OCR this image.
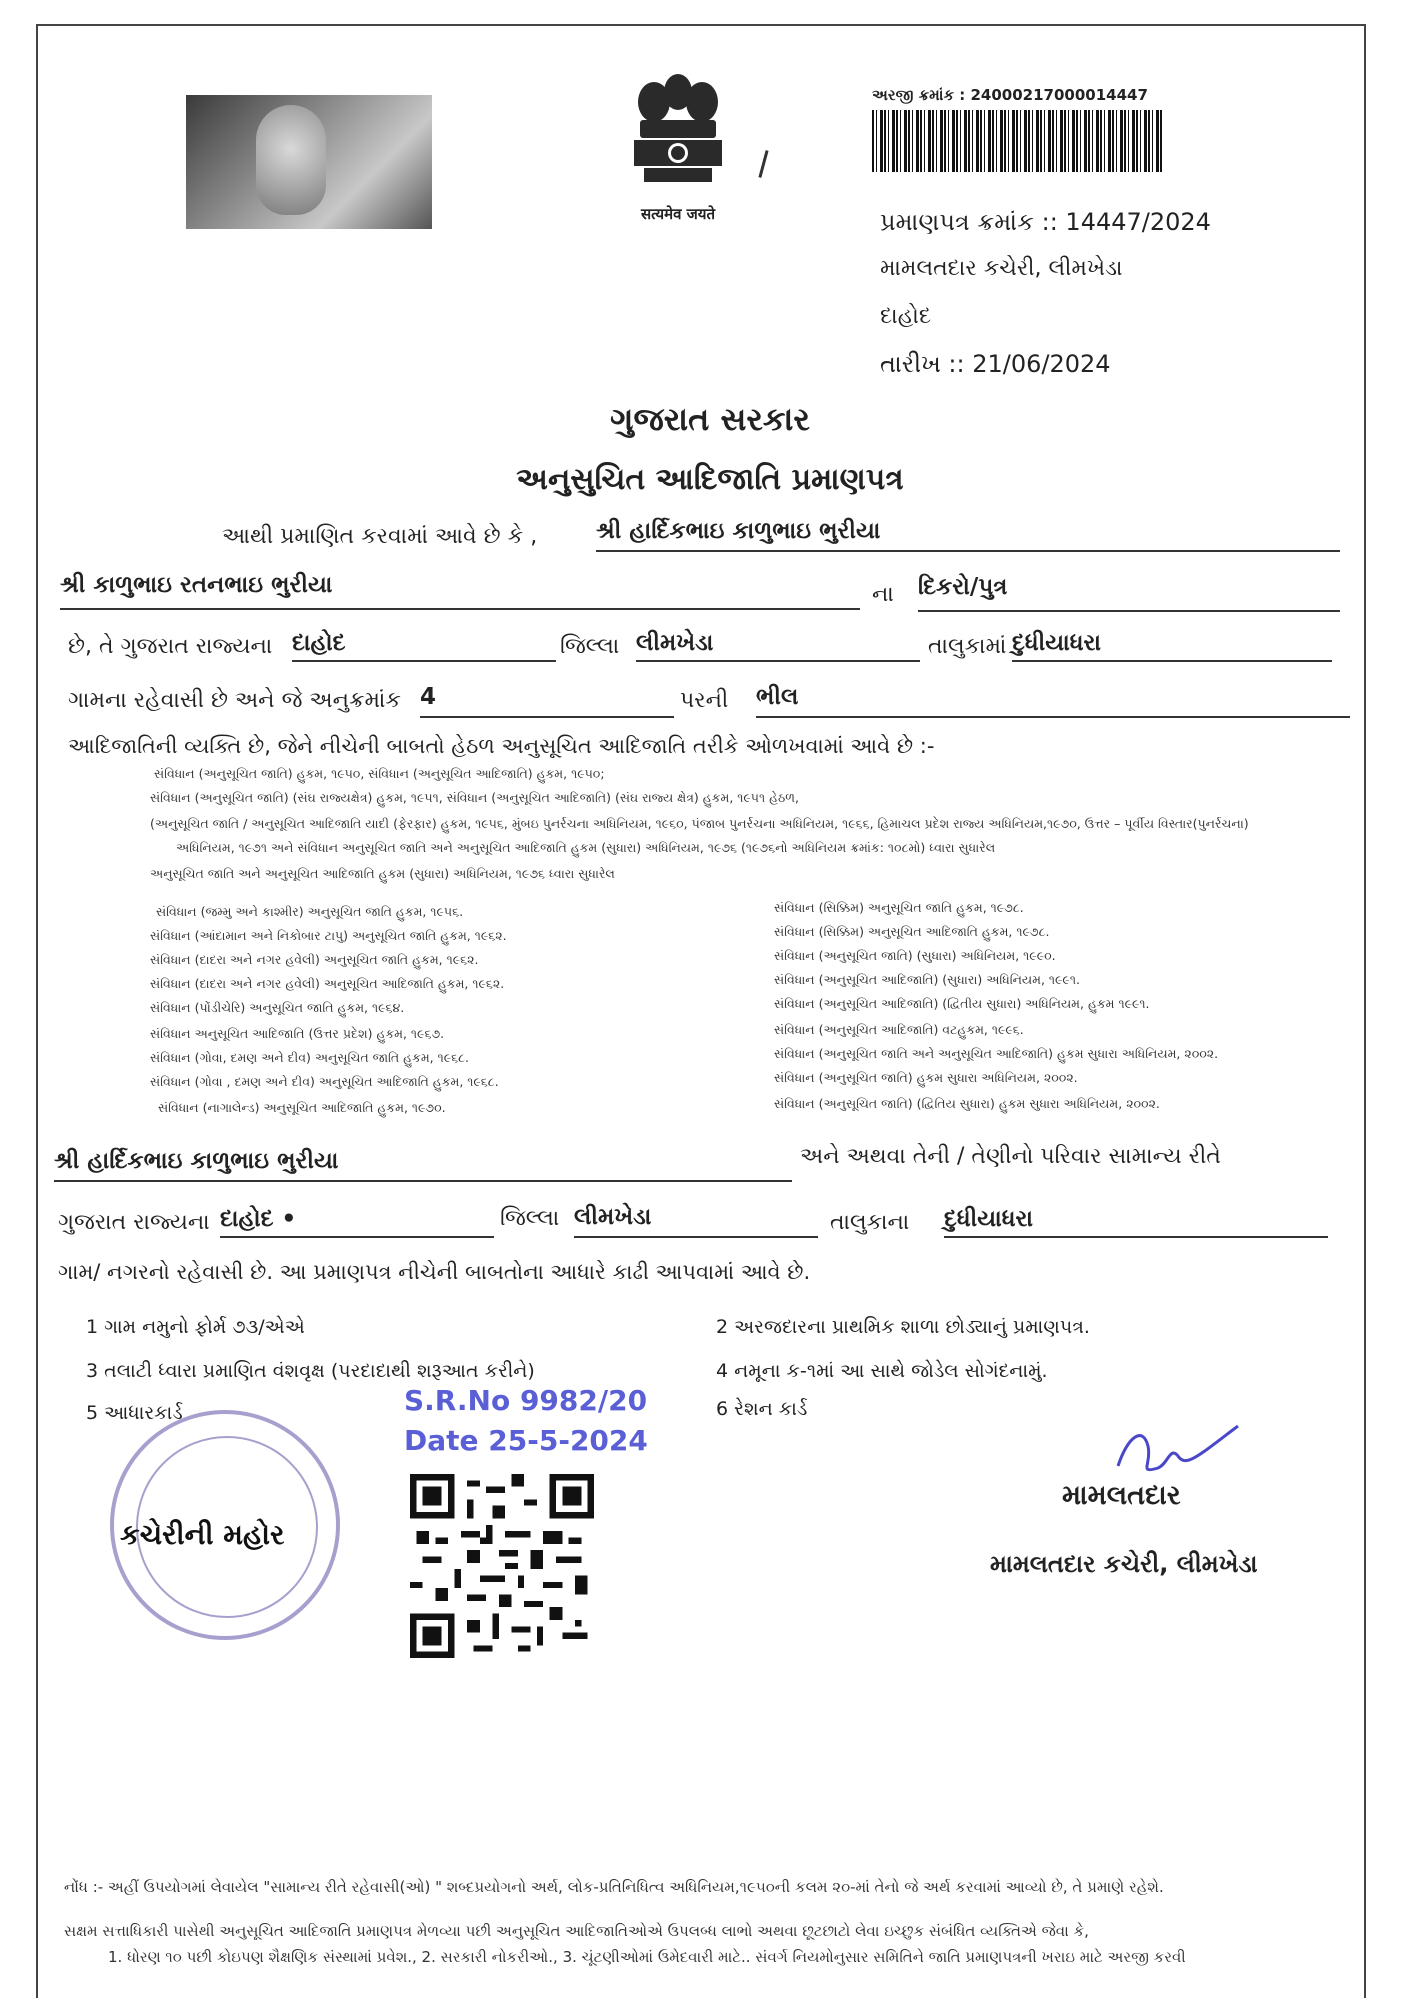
सत्यमेव जयते
અરજી ક્રમાંક : 24000217000014447
પ્રમાણપત્ર ક્રમાંક :: 14447/2024
મામલતદાર કચેરી, લીમખેડા
દાહોદ
તારીખ :: 21/06/2024
ગુજરાત સરકાર
અનુસુચિત આદિજાતિ પ્રમાણપત્ર
આથી પ્રમાણિત કરવામાં આવે છે કે ,	શ્રી હાર્દિકભાઇ કાળુભાઇ ભુરીયા
શ્રી કાળુભાઇ રતનભાઇ ભુરીયા	ના દિકરો/પુત્ર
છે, તે ગુજરાત રાજ્યના દાહોદ	જિલ્લા લીમખેડા	તાલુકામાં દુધીયાધરા
ગામના રહેવાસી છે અને જે અનુક્રમાંક 4	પરની ભીલ
આદિજાતિની વ્યક્તિ છે, જેને નીચેની બાબતો હેઠળ અનુસૂચિત આદિજાતિ તરીકે ઓળખવામાં આવે છે :-
સંવિધાન (અનુસૂચિત જાતિ) હુકમ, ૧૯૫૦, સંવિધાન (અનુસૂચિત આદિજાતિ) હુકમ, ૧૯૫૦;
સંવિધાન (અનુસૂચિત જાતિ) (સંઘ રાજ્યક્ષેત્ર) હુકમ, ૧૯૫૧, સંવિધાન (અનુસૂચિત આદિજાતિ) (સંઘ રાજ્ય ક્ષેત્ર) હુકમ, ૧૯૫૧ હેઠળ,
(અનુસૂચિત જાતિ / અનુસૂચિત આદિજાતિ યાદી (ફેરફાર) હુકમ, ૧૯૫૬, મુંબઇ પુનર્રચના અધિનિયમ, ૧૯૬૦, પંજાબ પુનર્રચના અધિનિયમ, ૧૯૬૬, હિમાચલ પ્રદેશ રાજ્ય અધિનિયમ,૧૯૭૦, ઉત્તર – પૂર્વીય વિસ્તાર(પુનર્રચના)
અધિનિયમ, ૧૯૭૧ અને સંવિધાન અનુસૂચિત જાતિ અને અનુસૂચિત આદિજાતિ હુકમ (સુધારા) અધિનિયમ, ૧૯૭૬ (૧૯૭૬નો અધિનિયમ ક્રમાંક: ૧૦૮મો) ધ્વારા સુધારેલ
અનુસૂચિત જાતિ અને અનુસૂચિત આદિજાતિ હુકમ (સુધારા) અધિનિયમ, ૧૯૭૬ ધ્વારા સુધારેલ
સંવિધાન (જમ્મુ અને કાશ્મીર) અનુસૂચિત જાતિ હુકમ, ૧૯૫૬.
સંવિધાન (આંદામાન અને નિકોબાર ટાપુ) અનુસૂચિત જાતિ હુકમ, ૧૯૬૨.
સંવિધાન (દાદરા અને નગર હવેલી) અનુસૂચિત જાતિ હુકમ, ૧૯૬૨.
સંવિધાન (દાદરા અને નગર હવેલી) અનુસૂચિત આદિજાતિ હુકમ, ૧૯૬૨.
સંવિધાન (પોંડીચેરિ) અનુસૂચિત જાતિ હુકમ, ૧૯૬૪.
સંવિધાન અનુસૂચિત આદિજાતિ (ઉત્તર પ્રદેશ) હુકમ, ૧૯૬૭.
સંવિધાન (ગોવા, દમણ અને દીવ) અનુસૂચિત જાતિ હુકમ, ૧૯૬૮.
સંવિધાન (ગોવા , દમણ અને દીવ) અનુસૂચિત આદિજાતિ હુકમ, ૧૯૬૮.
સંવિધાન (નાગાલેન્ડ) અનુસૂચિત આદિજાતિ હુકમ, ૧૯૭૦.
સંવિધાન (સિક્કિમ) અનુસૂચિત જાતિ હુકમ, ૧૯૭૮.
સંવિધાન (સિક્કિમ) અનુસૂચિત આદિજાતિ હુકમ, ૧૯૭૮.
સંવિધાન (અનુસૂચિત જાતિ) (સુધારા) અધિનિયમ, ૧૯૯૦.
સંવિધાન (અનુસૂચિત આદિજાતિ) (સુધારા) અધિનિયમ, ૧૯૯૧.
સંવિધાન (અનુસૂચિત આદિજાતિ) (દ્વિતીય સુધારા) અધિનિયમ, હુકમ ૧૯૯૧.
સંવિધાન (અનુસૂચિત આદિજાતિ) વટહુકમ, ૧૯૯૬.
સંવિધાન (અનુસૂચિત જાતિ અને અનુસૂચિત આદિજાતિ) હુકમ સુધારા અધિનિયમ, ૨૦૦૨.
સંવિધાન (અનુસૂચિત જાતિ) હુકમ સુધારા અધિનિયમ, ૨૦૦૨.
સંવિધાન (અનુસૂચિત જાતિ) (દ્વિતિય સુધારા) હુકમ સુધારા અધિનિયમ, ૨૦૦૨.
શ્રી હાર્દિકભાઇ કાળુભાઇ ભુરીયા	અને અથવા તેની / તેણીનો પરિવાર સામાન્ય રીતે
ગુજરાત રાજ્યના દાહોદ •	જિલ્લા લીમખેડા	તાલુકાના દુધીયાધરા
ગામ/ નગરનો રહેવાસી છે. આ પ્રમાણપત્ર નીચેની બાબતોના આધારે કાઢી આપવામાં આવે છે.
1 ગામ નમુનો ફોર્મ ૭૩/એએ	2 અરજદારના પ્રાથમિક શાળા છોડ્યાનું પ્રમાણપત્ર.
3 તલાટી ધ્વારા પ્રમાણિત વંશવૃક્ષ (પરદાદાથી શરૂઆત કરીને)	4 નમૂના ક-૧માં આ સાથે જોડેલ સોગંદનામું.
5 આધારકાર્ડ	6 રેશન કાર્ડ
કચેરીની મહોર
S.R.No 9982/20
Date 25-5-2024
મામલતદાર
મામલતદાર કચેરી, લીમખેડા
નોંધ :- અહીં ઉપયોગમાં લેવાયેલ "સામાન્ય રીતે રહેવાસી(ઓ) " શબ્દપ્રયોગનો અર્થ, લોક-પ્રતિનિધિત્વ અધિનિયમ,૧૯૫૦ની કલમ ૨૦-માં તેનો જે અર્થ કરવામાં આવ્યો છે, તે પ્રમાણે રહેશે.
સક્ષમ સત્તાધિકારી પાસેથી અનુસૂચિત આદિજાતિ પ્રમાણપત્ર મેળવ્યા પછી અનુસૂચિત આદિજાતિઓએ ઉપલબ્ધ લાભો અથવા છૂટછાટો લેવા ઇચ્છુક સંબંધિત વ્યક્તિએ જેવા કે,
1. ધોરણ ૧૦ પછી કોઇપણ શૈક્ષણિક સંસ્થામાં પ્રવેશ., 2. સરકારી નોકરીઓ., 3. ચૂંટણીઓમાં ઉમેદવારી માટે.. સંવર્ગ નિયમોનુસાર સમિતિને જાતિ પ્રમાણપત્રની ખરાઇ માટે અરજી કરવી
